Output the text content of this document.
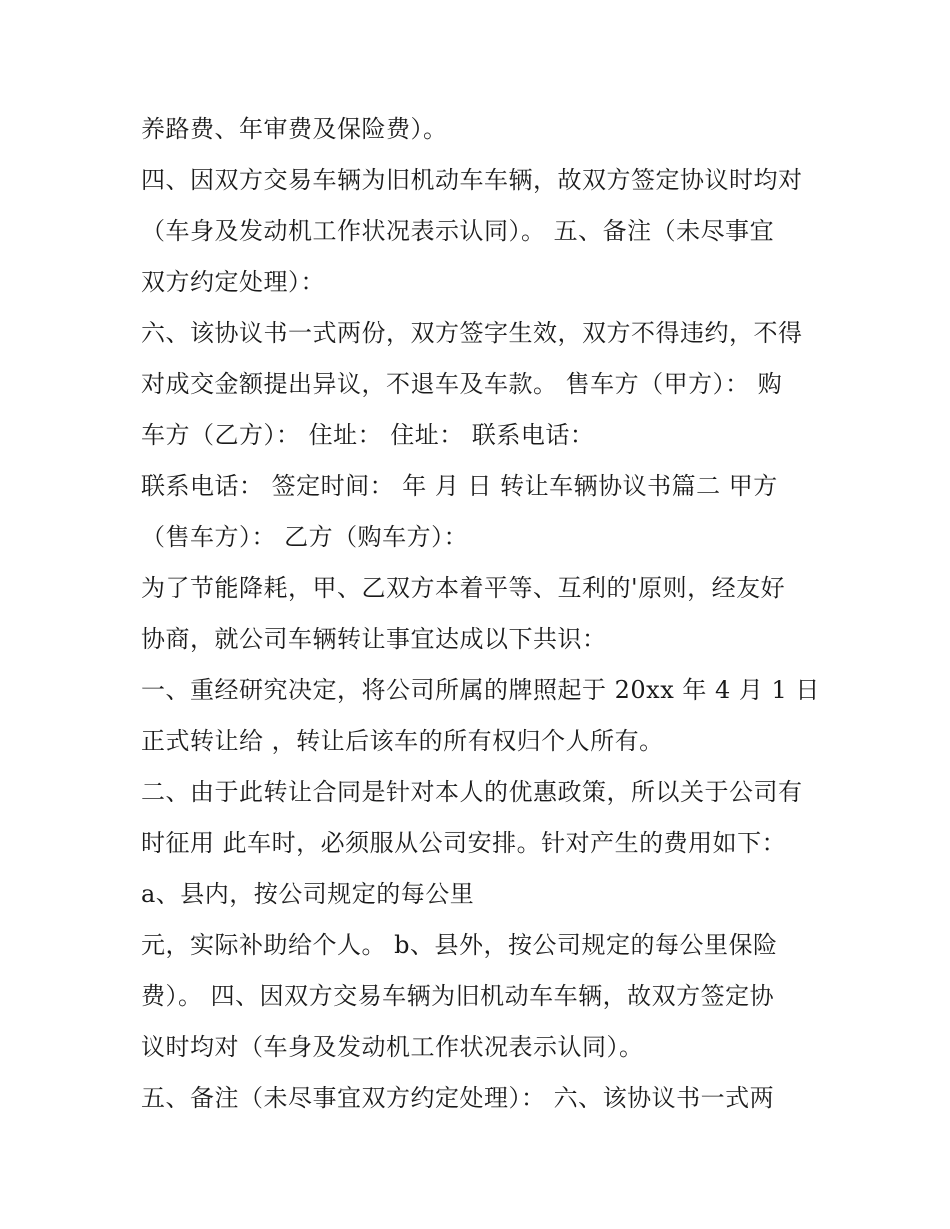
养路费、年审费及保险费）。
四、因双方交易车辆为旧机动车车辆，故双方签定协议时均对
（车身及发动机工作状况表示认同）。 五、备注（未尽事宜
双方约定处理）：
六、该协议书一式两份，双方签字生效，双方不得违约，不得
对成交金额提出异议，不退车及车款。 售车方（甲方）： 购
车方（乙方）： 住址： 住址： 联系电话：
联系电话： 签定时间： 年 月 日 转让车辆协议书篇二 甲方
（售车方）： 乙方（购车方）：
为了节能降耗，甲、乙双方本着平等、互利的'原则，经友好
协商，就公司车辆转让事宜达成以下共识：
一、重经研究决定，将公司所属的牌照起于 20xx 年 4 月 1 日
正式转让给 ，转让后该车的所有权归个人所有。
二、由于此转让合同是针对本人的优惠政策，所以关于公司有
时征用 此车时，必须服从公司安排。针对产生的费用如下：
a、县内，按公司规定的每公里
元，实际补助给个人。 b、县外，按公司规定的每公里保险
费）。 四、因双方交易车辆为旧机动车车辆，故双方签定协
议时均对（车身及发动机工作状况表示认同）。
五、备注（未尽事宜双方约定处理）： 六、该协议书一式两
